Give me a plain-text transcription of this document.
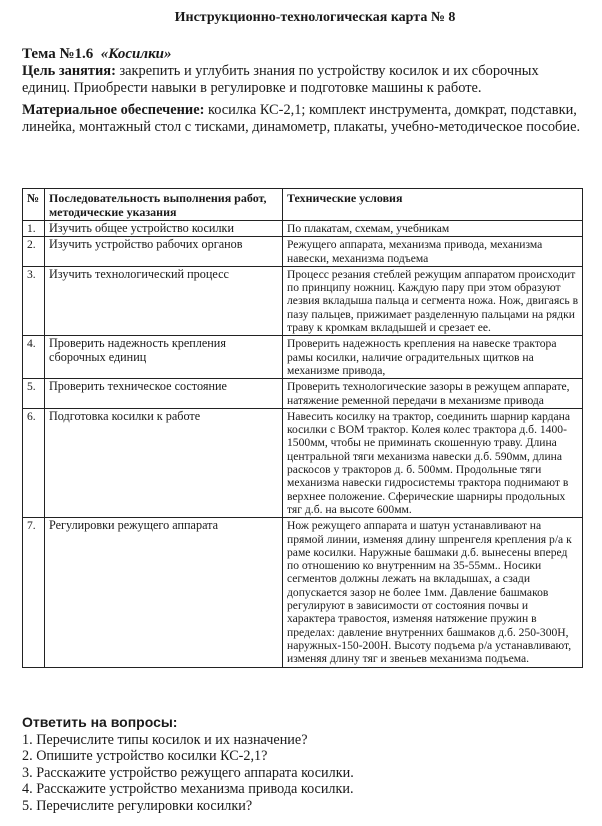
Инструкционно-технологическая карта № 8

Тема №1.6 «Косилки»

Цель занятия: закрепить и углубить знания по устройству косилок и их сборочных единиц. Приобрести навыки в регулировке и подготовке машины к работе.

Материальное обеспечение: косилка КС-2,1; комплект инструмента, домкрат, подставки, линейка, монтажный стол с тисками, динамометр, плакаты, учебно-методическое пособие.

№	Последовательность выполнения работ, методические указания	Технические условия
1.	Изучить общее устройство косилки	По плакатам, схемам, учебникам
2.	Изучить устройство рабочих органов	Режущего аппарата, механизма привода, механизма навески, механизма подъема
3.	Изучить технологический процесс	Процесс резания стеблей режущим аппаратом происходит по принципу ножниц. Каждую пару при этом образуют лезвия вкладыша пальца и сегмента ножа. Нож, двигаясь в пазу пальцев, прижимает разделенную пальцами на рядки траву к кромкам вкладышей и срезает ее.
4.	Проверить надежность крепления сборочных единиц	Проверить надежность крепления на навеске трактора рамы косилки, наличие оградительных щитков на механизме привода,
5.	Проверить техническое состояние	Проверить технологические зазоры в режущем аппарате, натяжение ременной передачи в механизме привода
6.	Подготовка косилки к работе	Навесить косилку на трактор, соединить шарнир кардана косилки с ВОМ трактор. Колея колес трактора д.б. 1400-1500мм, чтобы не приминать скошенную траву. Длина центральной тяги механизма навески д.б. 590мм, длина раскосов у тракторов д. б. 500мм. Продольные тяги механизма навески гидросистемы трактора поднимают в верхнее положение. Сферические шарниры продольных тяг д.б. на высоте 600мм.
7.	Регулировки режущего аппарата	Нож режущего аппарата и шатун устанавливают на прямой линии, изменяя длину шпренгеля крепления р/а к раме косилки. Наружные башмаки д.б. вынесены вперед по отношению ко внутренним на 35-55мм.. Носики сегментов должны лежать на вкладышах, а сзади допускается зазор не более 1мм. Давление башмаков регулируют в зависимости от состояния почвы и характера травостоя, изменяя натяжение пружин в пределах: давление внутренних башмаков д.б. 250-300Н, наружных-150-200Н. Высоту подъема р/а устанавливают, изменяя длину тяг и звеньев механизма подъема.
Ответить на вопросы:
1. Перечислите типы косилок и их назначение?
2. Опишите устройство косилки КС-2,1?
3. Расскажите устройство режущего аппарата косилки.
4. Расскажите устройство механизма привода косилки.
5. Перечислите регулировки косилки?
